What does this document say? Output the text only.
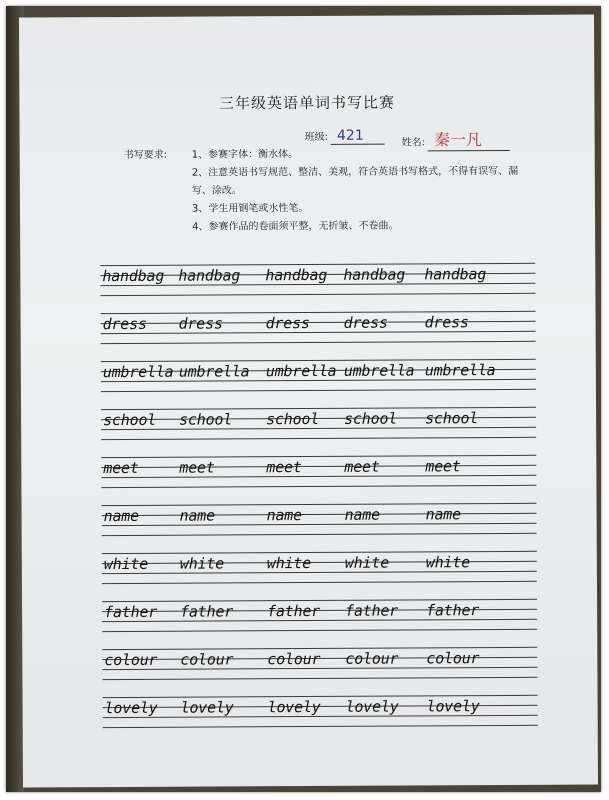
三年级英语单词书写比赛
班级: 421	姓名: 秦一凡
书写要求:	1、参赛字体：衡水体。
2、注意英语书写规范、整洁、美观，符合英语书写格式，不得有误写、漏写、涂改。
3、学生用钢笔或水性笔。
4、参赛作品的卷面须平整，无折皱、不卷曲。
handbag handbag handbag handbag handbag
dress dress	dress dress dress
umbrella umbrella umbrella umbrella umbrella
school school school school school
meet	meet	meet	meet	meet
name	name	name	name	name
white white	white white white
father father father father father
colour colour colour colour colour
lovely lovely lovely lovely lovely
